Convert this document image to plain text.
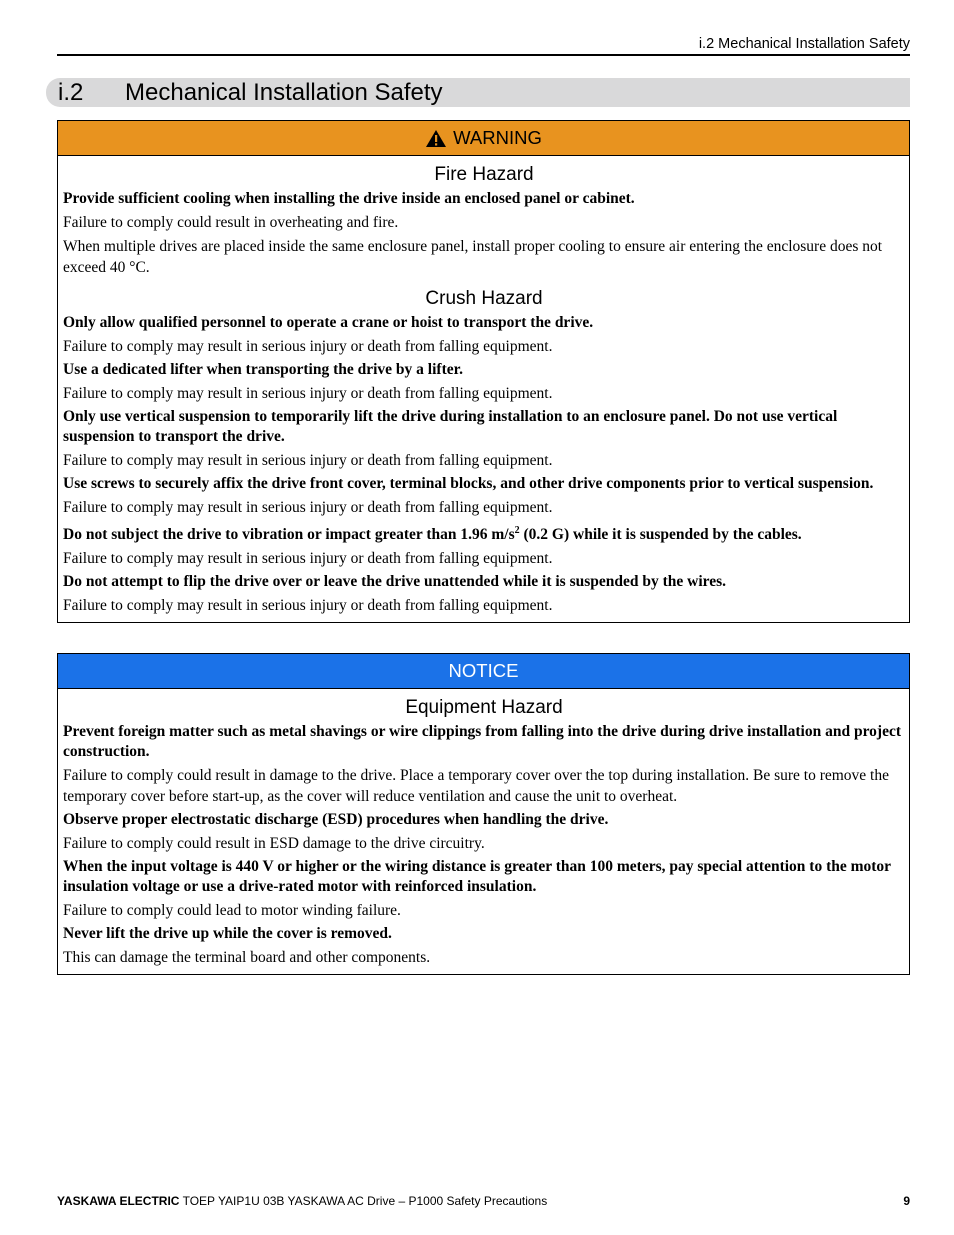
i.2 Mechanical Installation Safety
i.2 Mechanical Installation Safety
WARNING
Fire Hazard

Provide sufficient cooling when installing the drive inside an enclosed panel or cabinet.

Failure to comply could result in overheating and fire.

When multiple drives are placed inside the same enclosure panel, install proper cooling to ensure air entering the enclosure does not exceed 40 °C.

Crush Hazard

Only allow qualified personnel to operate a crane or hoist to transport the drive.

Failure to comply may result in serious injury or death from falling equipment.

Use a dedicated lifter when transporting the drive by a lifter.

Failure to comply may result in serious injury or death from falling equipment.

Only use vertical suspension to temporarily lift the drive during installation to an enclosure panel. Do not use vertical suspension to transport the drive.

Failure to comply may result in serious injury or death from falling equipment.

Use screws to securely affix the drive front cover, terminal blocks, and other drive components prior to vertical suspension.

Failure to comply may result in serious injury or death from falling equipment.

Do not subject the drive to vibration or impact greater than 1.96 $m/s^2$ (0.2 G) while it is suspended by the cables.

Failure to comply may result in serious injury or death from falling equipment.

Do not attempt to flip the drive over or leave the drive unattended while it is suspended by the wires.

Failure to comply may result in serious injury or death from falling equipment.

NOTICE
Equipment Hazard

Prevent foreign matter such as metal shavings or wire clippings from falling into the drive during drive installation and project construction.

Failure to comply could result in damage to the drive. Place a temporary cover over the top during installation. Be sure to remove the temporary cover before start-up, as the cover will reduce ventilation and cause the unit to overheat.

Observe proper electrostatic discharge (ESD) procedures when handling the drive.

Failure to comply could result in ESD damage to the drive circuitry.

When the input voltage is 440 V or higher or the wiring distance is greater than 100 meters, pay special attention to the motor insulation voltage or use a drive-rated motor with reinforced insulation.

Failure to comply could lead to motor winding failure.

Never lift the drive up while the cover is removed.

This can damage the terminal board and other components.

YASKAWA ELECTRIC TOEP YAIP1U 03B YASKAWA AC Drive – P1000 Safety Precautions	9
